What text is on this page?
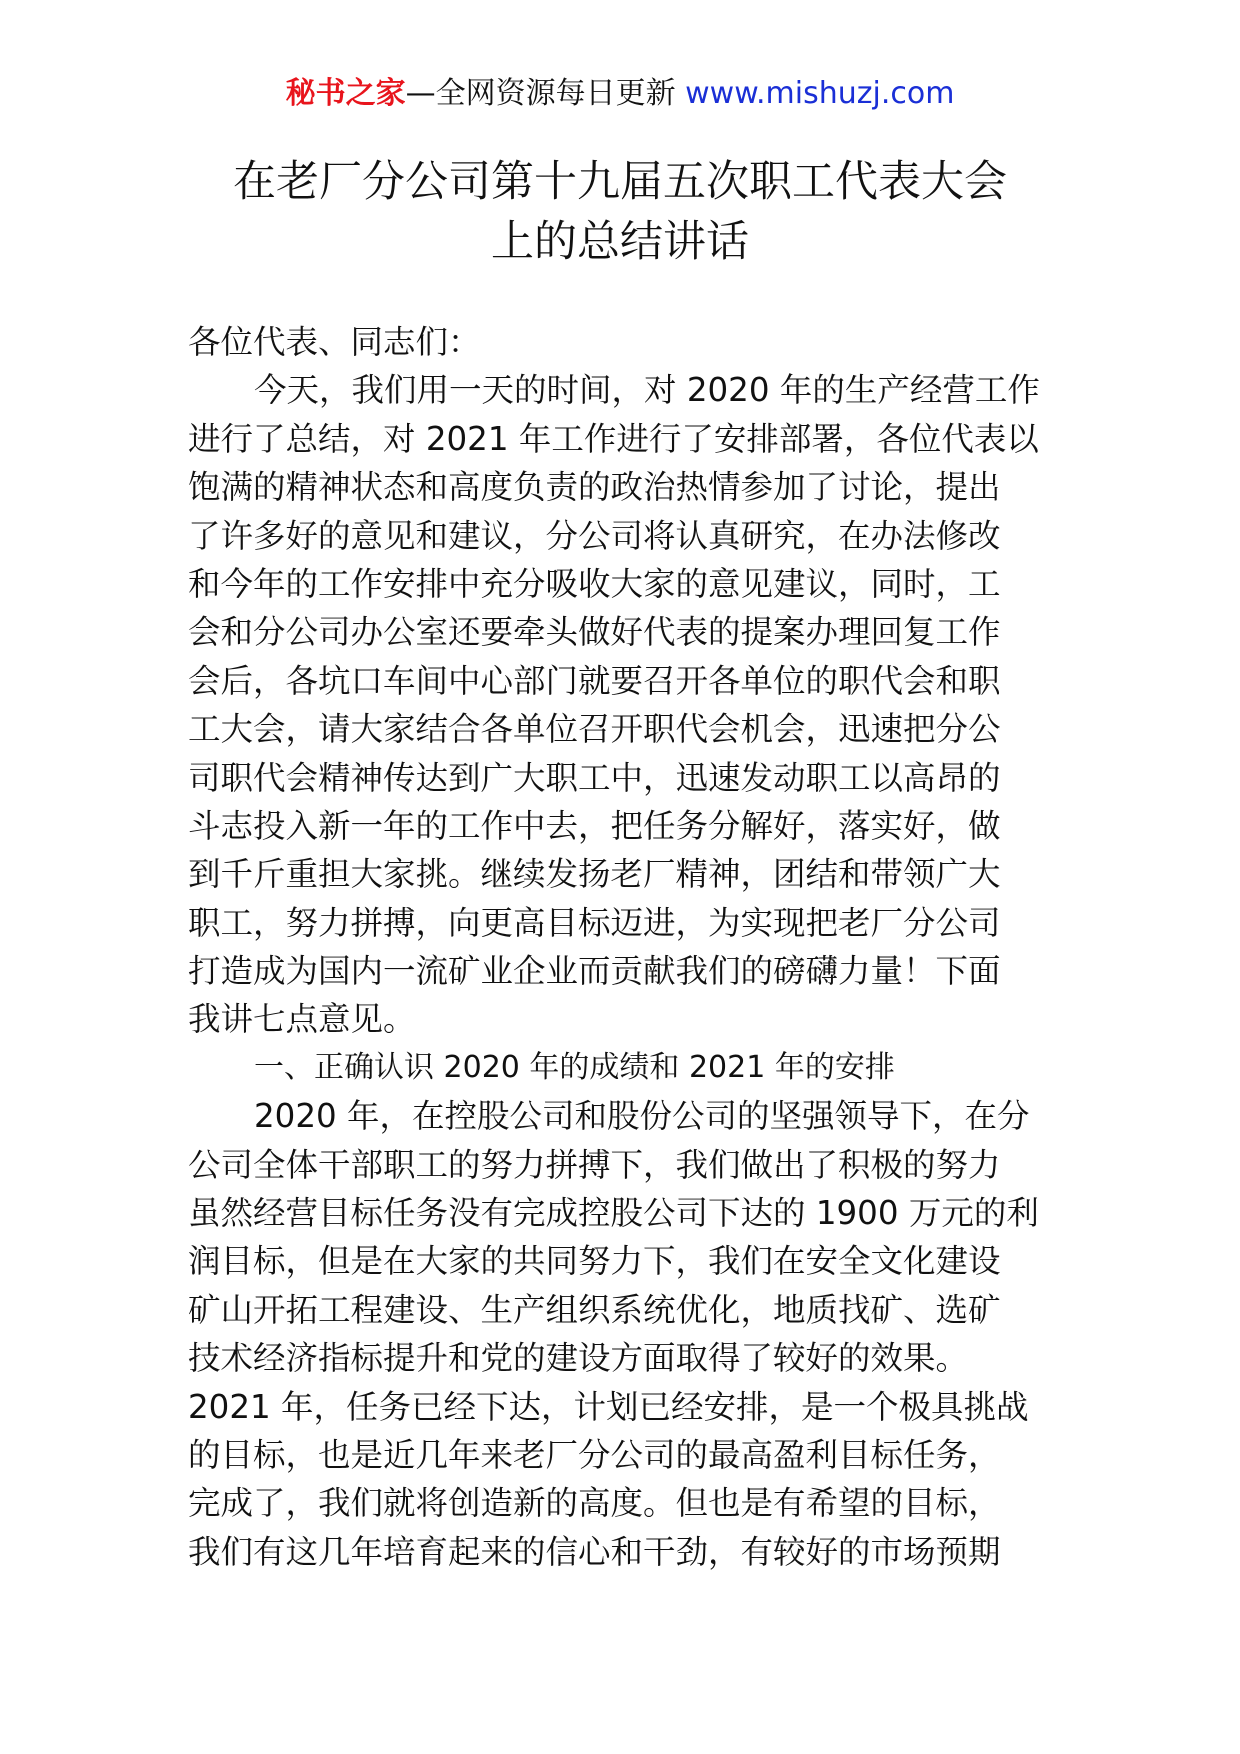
秘书之家—全网资源每日更新 www.mishuzj.com
在老厂分公司第十九届五次职工代表大会
上的总结讲话
各位代表、同志们：
今天，我们用一天的时间，对 2020 年的生产经营工作
进行了总结，对 2021 年工作进行了安排部署，各位代表以
饱满的精神状态和高度负责的政治热情参加了讨论，提出
了许多好的意见和建议，分公司将认真研究，在办法修改
和今年的工作安排中充分吸收大家的意见建议，同时，工
会和分公司办公室还要牵头做好代表的提案办理回复工作
会后，各坑口车间中心部门就要召开各单位的职代会和职
工大会，请大家结合各单位召开职代会机会，迅速把分公
司职代会精神传达到广大职工中，迅速发动职工以高昂的
斗志投入新一年的工作中去，把任务分解好，落实好，做
到千斤重担大家挑。继续发扬老厂精神，团结和带领广大
职工，努力拼搏，向更高目标迈进，为实现把老厂分公司
打造成为国内一流矿业企业而贡献我们的磅礴力量！下面
我讲七点意见。
一、正确认识 2020 年的成绩和 2021 年的安排
2020 年，在控股公司和股份公司的坚强领导下，在分
公司全体干部职工的努力拼搏下，我们做出了积极的努力
虽然经营目标任务没有完成控股公司下达的 1900 万元的利
润目标，但是在大家的共同努力下，我们在安全文化建设
矿山开拓工程建设、生产组织系统优化，地质找矿、选矿
技术经济指标提升和党的建设方面取得了较好的效果。
2021 年，任务已经下达，计划已经安排，是一个极具挑战
的目标，也是近几年来老厂分公司的最高盈利目标任务，
完成了，我们就将创造新的高度。但也是有希望的目标，
我们有这几年培育起来的信心和干劲，有较好的市场预期
